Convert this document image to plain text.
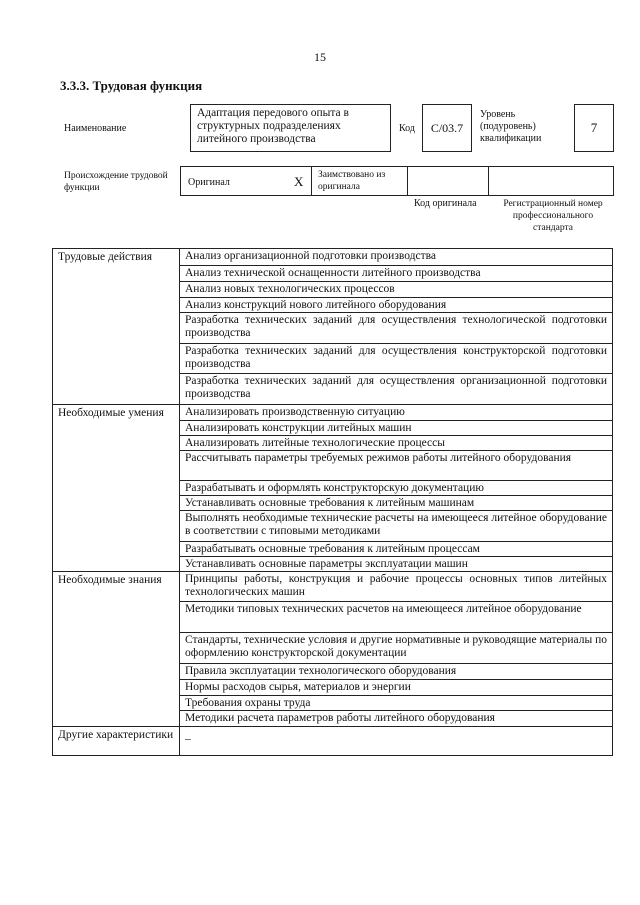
15
3.3.3. Трудовая функция
Наименование
Адаптация передового опыта в структурных подразделениях литейного производства
Код	С/03.7
Уровень (подуровень) квалификации
7
Происхождение трудовой функции	Оригинал	X Заимствовано из оригинала
Код оригинала	Регистрационный номер профессионального стандарта
Трудовые действия	Анализ организационной подготовки производства
Анализ технической оснащенности литейного производства
Анализ новых технологических процессов
Анализ конструкций нового литейного оборудования
Разработка технических заданий для осуществления технологической подготовки производства
Разработка технических заданий для осуществления конструкторской подготовки производства
Разработка технических заданий для осуществления организационной подготовки производства
Необходимые умения	Анализировать производственную ситуацию
Анализировать конструкции литейных машин
Анализировать литейные технологические процессы
Рассчитывать параметры требуемых режимов работы литейного оборудования
Разрабатывать и оформлять конструкторскую документацию
Устанавливать основные требования к литейным машинам
Выполнять необходимые технические расчеты на имеющееся литейное оборудование в соответствии с типовыми методиками
Разрабатывать основные требования к литейным процессам
Устанавливать основные параметры эксплуатации машин
Необходимые знания	Принципы работы, конструкция и рабочие процессы основных типов литейных технологических машин
Методики типовых технических расчетов на имеющееся литейное оборудование
Стандарты, технические условия и другие нормативные и руководящие материалы по оформлению конструкторской документации
Правила эксплуатации технологического оборудования
Нормы расходов сырья, материалов и энергии
Требования охраны труда
Методики расчета параметров работы литейного оборудования
Другие характеристики	–
